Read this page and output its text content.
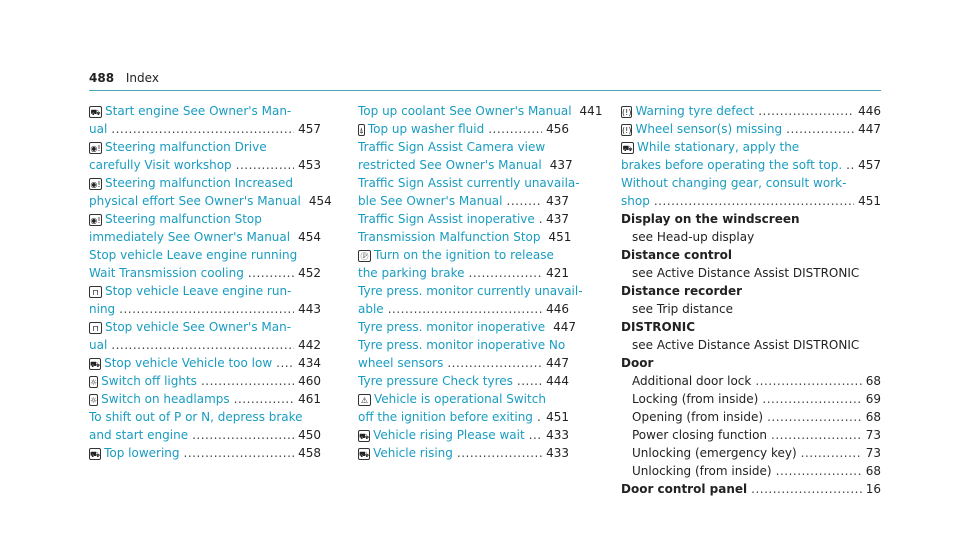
488 Index
⛟ Start engine See Owner's Man-
ual .....	457
◉! Steering malfunction Drive
carefully Visit workshop .....	453
◉! Steering malfunction Increased
physical effort See Owner's Manual 454
◉! Steering malfunction Stop
immediately See Owner's Manual 454
Stop vehicle Leave engine running
Wait Transmission cooling .....	452
⊓ Stop vehicle Leave engine run-
ning .....	443
⊓ Stop vehicle See Owner's Man-
ual .....	442
⛟ Stop vehicle Vehicle too low ..... 434
☼ Switch off lights .....	460
☼ Switch on headlamps .....	461
To shift out of P or N, depress brake
and start engine .....	450
⛟ Top lowering .....	458
Top up coolant See Owner's Manual 441
⍋ Top up washer fluid .....	456
Traffic Sign Assist Camera view
restricted See Owner's Manual 437
Traffic Sign Assist currently unavaila-
ble See Owner's Manual .....	437
Traffic Sign Assist inoperative ..... 437
Transmission Malfunction Stop 451
Ⓟ Turn on the ignition to release
the parking brake .....	421
Tyre press. monitor currently unavail-
able .....	446
Tyre press. monitor inoperative 447
Tyre press. monitor inoperative No
wheel sensors .....	447
Tyre pressure Check tyres .....	444
⚠ Vehicle is operational Switch
off the ignition before exiting ..... 451
⛟ Vehicle rising Please wait ..... 433
⛟ Vehicle rising .....	433
(!) Warning tyre defect .....	446
(!) Wheel sensor(s) missing .....	447
⛟ While stationary, apply the
brakes before operating the soft top. ..... 457
Without changing gear, consult work-
shop .....	451
Display on the windscreen
see Head-up display
Distance control
see Active Distance Assist DISTRONIC
Distance recorder
see Trip distance
DISTRONIC
see Active Distance Assist DISTRONIC
Door
Additional door lock .....	68
Locking (from inside) .....	69
Opening (from inside) .....	68
Power closing function .....	73
Unlocking (emergency key) .....	73
Unlocking (from inside) .....	68
Door control panel .....	16
